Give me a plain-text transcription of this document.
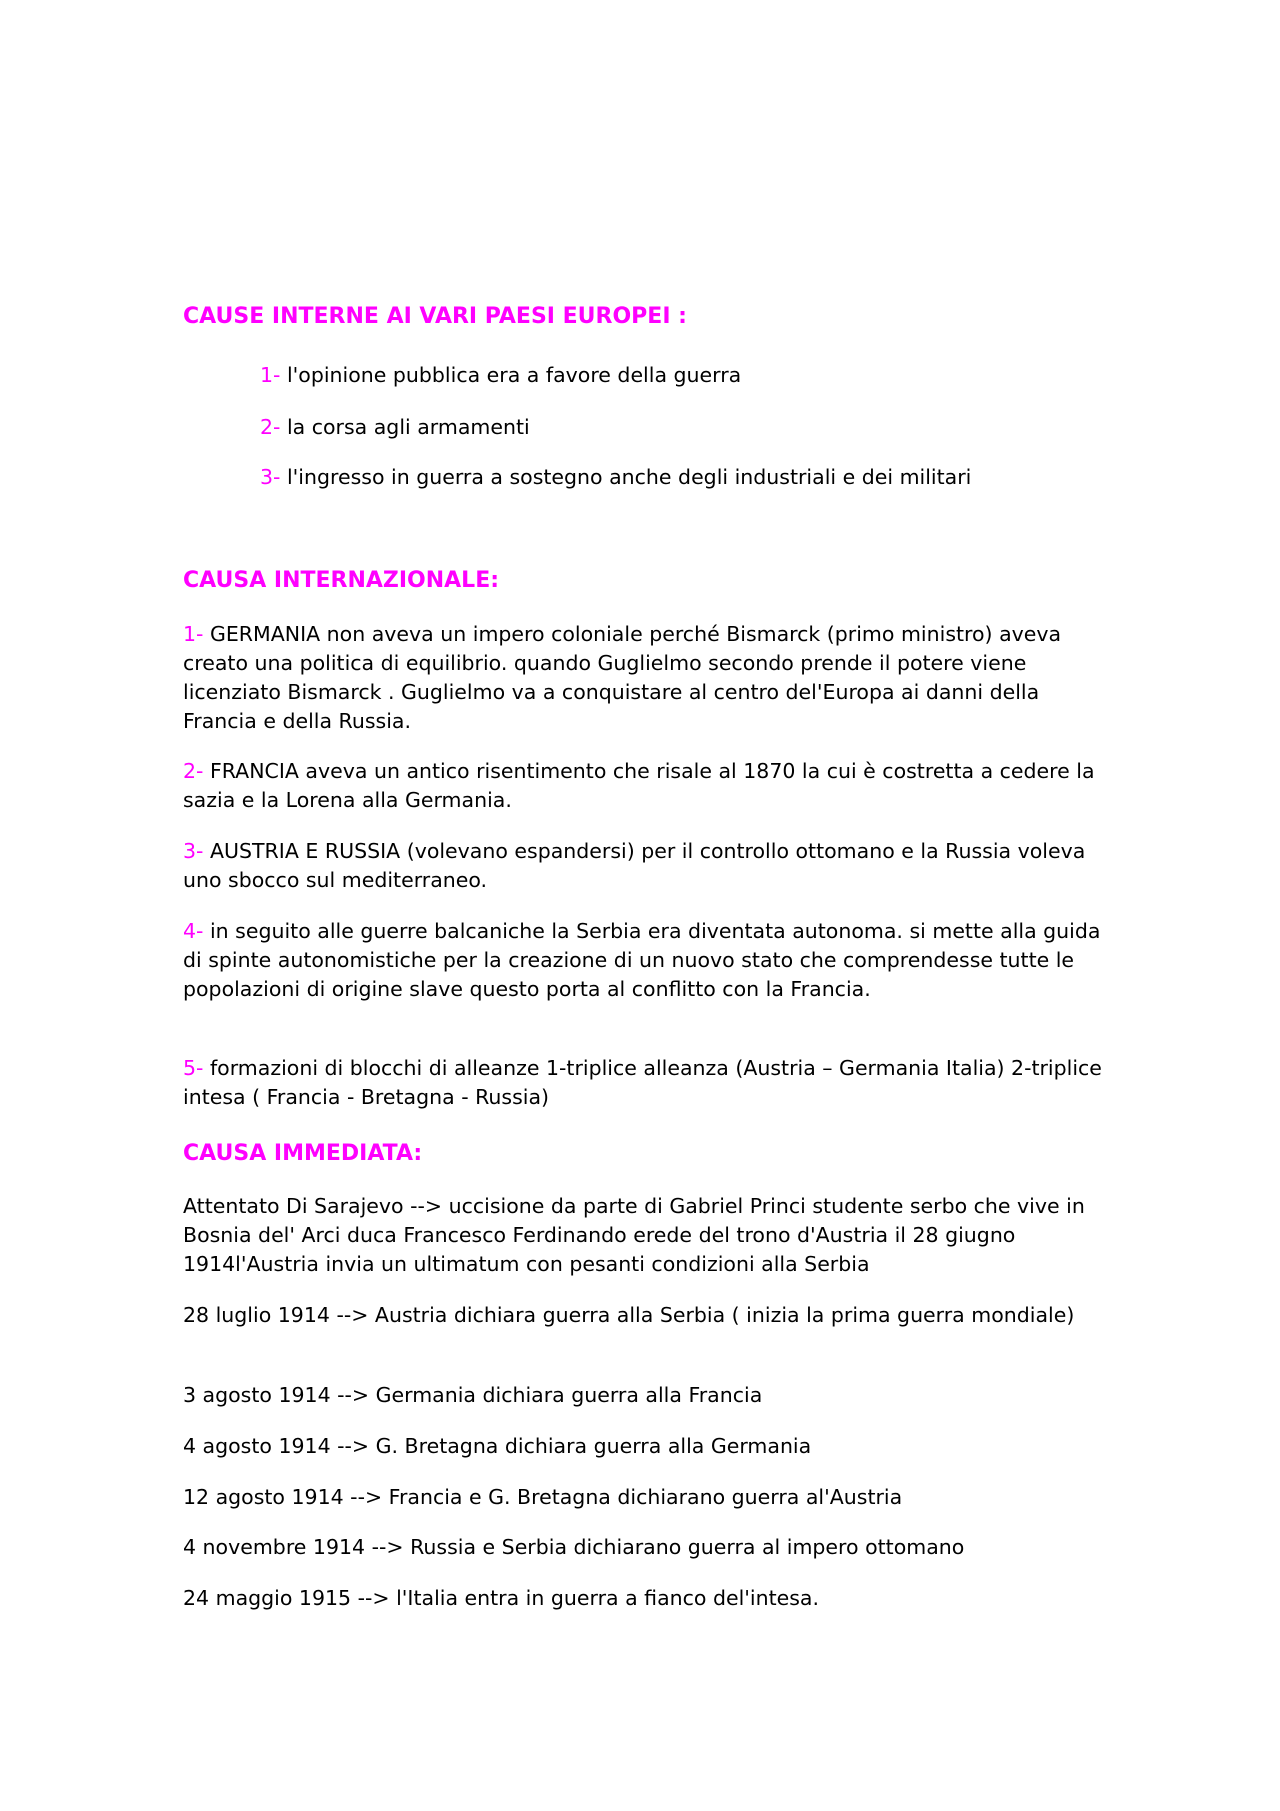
CAUSE INTERNE AI VARI PAESI EUROPEI :

1- l'opinione pubblica era a favore della guerra

2- la corsa agli armamenti

3- l'ingresso in guerra a sostegno anche degli industriali e dei militari

CAUSA INTERNAZIONALE:

1- GERMANIA non aveva un impero coloniale perché Bismarck (primo ministro) aveva creato una politica di equilibrio. quando Guglielmo secondo prende il potere viene licenziato Bismarck . Guglielmo va a conquistare al centro del'Europa ai danni della Francia e della Russia.

2- FRANCIA aveva un antico risentimento che risale al 1870 la cui è costretta a cedere la sazia e la Lorena alla Germania.

3- AUSTRIA E RUSSIA (volevano espandersi) per il controllo ottomano e la Russia voleva uno sbocco sul mediterraneo.

4- in seguito alle guerre balcaniche la Serbia era diventata autonoma. si mette alla guida di spinte autonomistiche per la creazione di un nuovo stato che comprendesse tutte le popolazioni di origine slave questo porta al conflitto con la Francia.

5- formazioni di blocchi di alleanze 1-triplice alleanza (Austria – Germania Italia) 2-triplice intesa ( Francia - Bretagna - Russia)

CAUSA IMMEDIATA:

Attentato Di Sarajevo --> uccisione da parte di Gabriel Princi studente serbo che vive in Bosnia del' Arci duca Francesco Ferdinando erede del trono d'Austria il 28 giugno 1914l'Austria invia un ultimatum con pesanti condizioni alla Serbia

28 luglio 1914 --> Austria dichiara guerra alla Serbia ( inizia la prima guerra mondiale)

3 agosto 1914 --> Germania dichiara guerra alla Francia

4 agosto 1914 --> G. Bretagna dichiara guerra alla Germania

12 agosto 1914 --> Francia e G. Bretagna dichiarano guerra al'Austria

4 novembre 1914 --> Russia e Serbia dichiarano guerra al impero ottomano

24 maggio 1915 --> l'Italia entra in guerra a fianco del'intesa.
